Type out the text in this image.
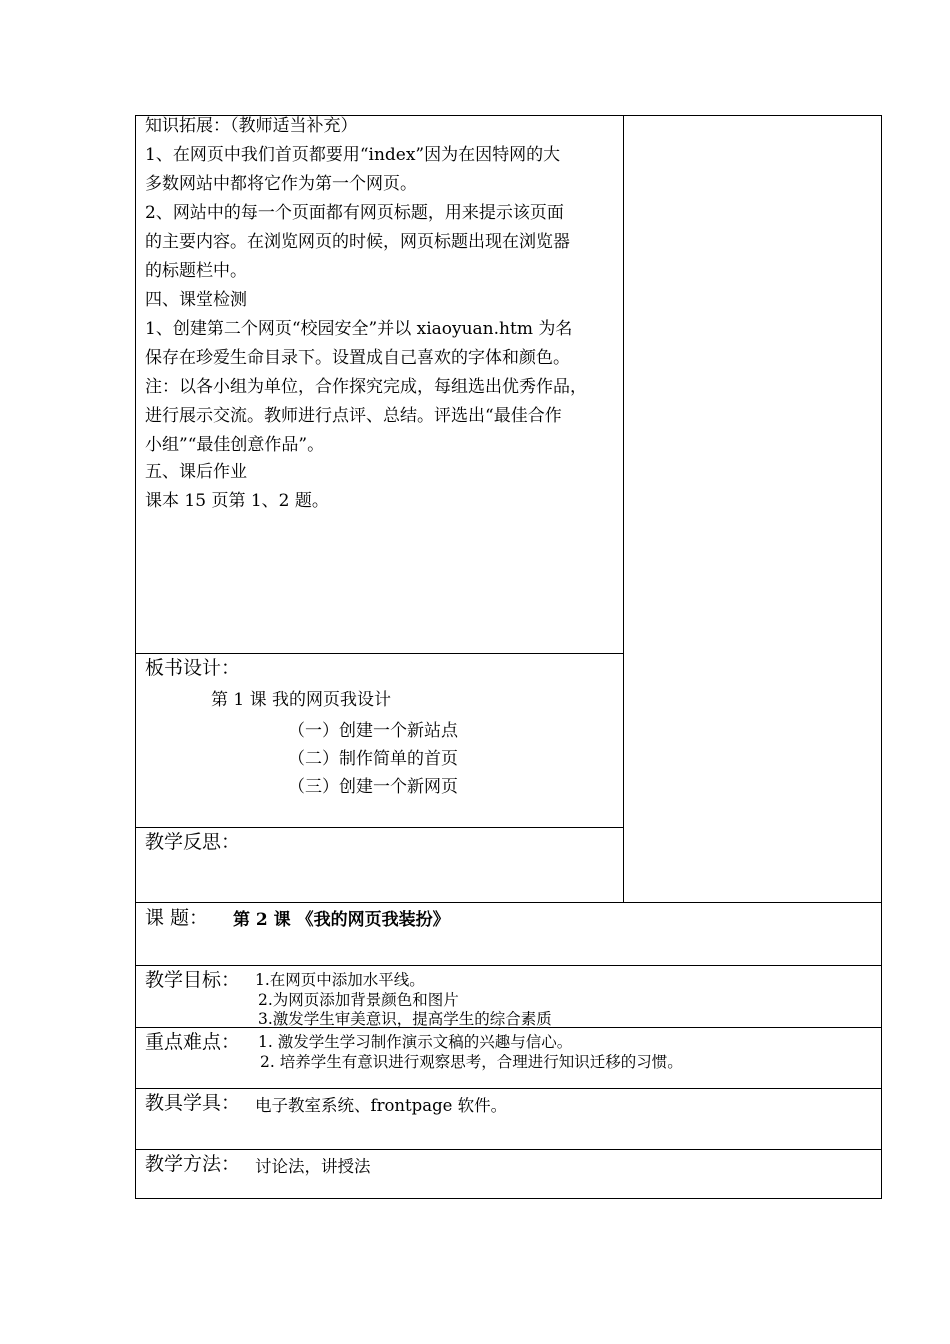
知识拓展：（教师适当补充）
1、在网页中我们首页都要用“index”因为在因特网的大
多数网站中都将它作为第一个网页。
2、网站中的每一个页面都有网页标题，用来提示该页面
的主要内容。在浏览网页的时候，网页标题出现在浏览器
的标题栏中。
四、课堂检测
1、创建第二个网页“校园安全”并以 xiaoyuan.htm 为名
保存在珍爱生命目录下。设置成自己喜欢的字体和颜色。
注：以各小组为单位，合作探究完成，每组选出优秀作品，
进行展示交流。教师进行点评、总结。评选出“最佳合作
小组”“最佳创意作品”。
五、课后作业
课本 15 页第 1、2 题。
板书设计：
第 1 课 我的网页我设计
（一）创建一个新站点
（二）制作简单的首页
（三）创建一个新网页
教学反思：
课 题： 第 2 课 《我的网页我装扮》
教学目标： 1.在网页中添加水平线。
2.为网页添加背景颜色和图片
3.激发学生审美意识，提高学生的综合素质
重点难点： 1. 激发学生学习制作演示文稿的兴趣与信心。
2. 培养学生有意识进行观察思考，合理进行知识迁移的习惯。
教具学具： 电子教室系统、frontpage 软件。
教学方法： 讨论法，讲授法
